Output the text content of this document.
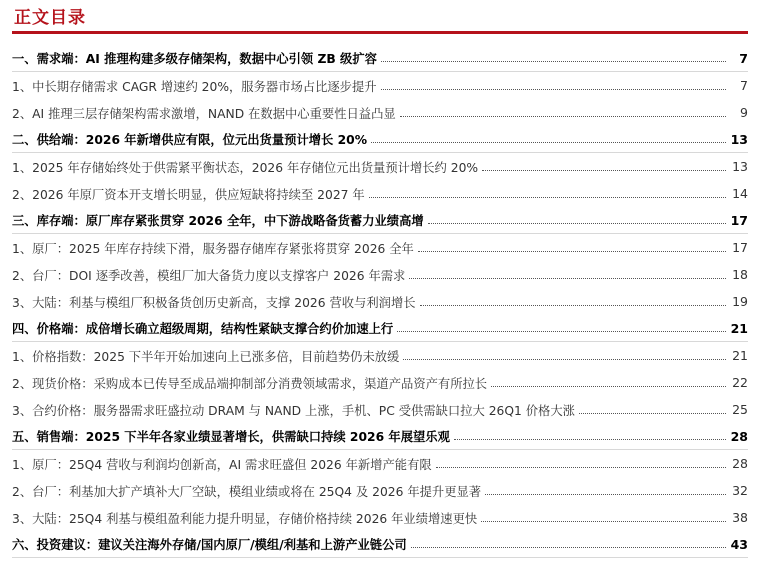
正文目录
一、需求端：AI 推理构建多级存储架构，数据中心引领 ZB 级扩容	7
1、中长期存储需求 CAGR 增速约 20%，服务器市场占比逐步提升	7
2、AI 推理三层存储架构需求激增，NAND 在数据中心重要性日益凸显	9
二、供给端：2026 年新增供应有限，位元出货量预计增长 20%	13
1、2025 年存储始终处于供需紧平衡状态，2026 年存储位元出货量预计增长约 20%	13
2、2026 年原厂资本开支增长明显，供应短缺将持续至 2027 年	14
三、库存端：原厂库存紧张贯穿 2026 全年，中下游战略备货蓄力业绩高增	17
1、原厂：2025 年库存持续下滑，服务器存储库存紧张将贯穿 2026 全年	17
2、台厂：DOI 逐季改善，模组厂加大备货力度以支撑客户 2026 年需求	18
3、大陆：利基与模组厂积极备货创历史新高，支撑 2026 营收与利润增长	19
四、价格端：成倍增长确立超级周期，结构性紧缺支撑合约价加速上行	21
1、价格指数：2025 下半年开始加速向上已涨多倍，目前趋势仍未放缓	21
2、现货价格：采购成本已传导至成品端抑制部分消费领域需求，渠道产品资产有所拉长	22
3、合约价格：服务器需求旺盛拉动 DRAM 与 NAND 上涨，手机、PC 受供需缺口拉大 26Q1 价格大涨	25
五、销售端：2025 下半年各家业绩显著增长，供需缺口持续 2026 年展望乐观	28
1、原厂：25Q4 营收与利润均创新高，AI 需求旺盛但 2026 年新增产能有限	28
2、台厂：利基加大扩产填补大厂空缺，模组业绩或将在 25Q4 及 2026 年提升更显著	32
3、大陆：25Q4 利基与模组盈利能力提升明显，存储价格持续 2026 年业绩增速更快	38
六、投资建议：建议关注海外存储/国内原厂/模组/利基和上游产业链公司	43
